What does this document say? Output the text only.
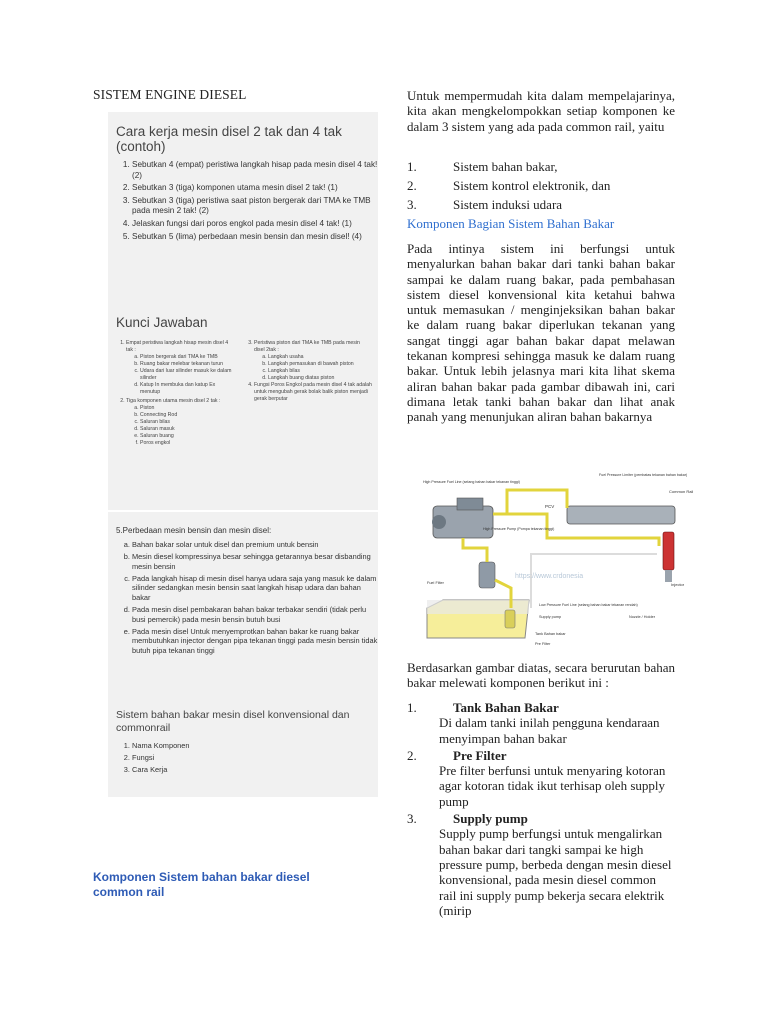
SISTEM ENGINE DIESEL
Cara kerja mesin disel 2 tak dan 4 tak (contoh)
1. Sebutkan 4 (empat) peristiwa langkah hisap pada mesin disel 4 tak! (2)
2. Sebutkan 3 (tiga) komponen utama mesin disel 2 tak! (1)
3. Sebutkan 3 (tiga) peristiwa saat piston bergerak dari TMA ke TMB pada mesin 2 tak! (2)
4. Jelaskan fungsi dari poros engkol pada mesin disel 4 tak! (1)
5. Sebutkan 5 (lima) perbedaan mesin bensin dan mesin disel! (4)
Kunci Jawaban
1. Empat peristiwa langkah hisap mesin disel 4 tak :
a. Piston bergerak dari TMA ke TMB
b. Ruang bakar melebar tekanan turun
c. Udara dari luar silinder masuk ke dalam silinder
d. Katup In membuka dan katup Ex menutup
2. Tiga komponen utama mesin disel 2 tak :
a. Piston
b. Connecting Rod
c. Saluran bilas
d. Saluran masuk
e. Saluran buang
f. Poros engkol
3. Peristiwa piston dari TMA ke TMB pada mesin disel 2tak :
a. Langkah usaha
b. Langkah pemasukan di bawah piston
c. Langkah bilas
d. Langkah buang diatas piston
4. Fungsi Poros Engkol pada mesin disel 4 tak adalah untuk mengubah gerak bolak balik piston menjadi gerak berputar
5.Perbedaan mesin bensin dan mesin disel:
a. Bahan bakar solar untuk disel dan premium untuk bensin
b. Mesin diesel kompressinya besar sehingga getarannya besar disbanding mesin bensin
c. Pada langkah hisap di mesin disel hanya udara saja yang masuk ke dalam silinder sedangkan mesin bensin saat langkah hisap udara dan bahan bakar
d. Pada mesin disel pembakaran bahan bakar terbakar sendiri (tidak perlu busi pemercik) pada mesin bensin butuh busi
e. Pada mesin disel Untuk menyemprotkan bahan bakar ke ruang bakar membutuhkan injector dengan pipa tekanan tinggi pada mesin bensin tidak butuh pipa tekanan tinggi
Sistem bahan bakar mesin disel konvensional dan commonrail
1. Nama Komponen
2. Fungsi
3. Cara Kerja
Komponen Sistem bahan bakar diesel common rail
Untuk mempermudah kita dalam mempelajarinya, kita akan mengkelompokkan setiap komponen ke dalam 3 sistem yang ada pada common rail, yaitu
1.	Sistem bahan bakar,
2.	Sistem kontrol elektronik, dan
3.	Sistem induksi udara
Komponen Bagian Sistem Bahan Bakar
Pada intinya sistem ini berfungsi untuk menyalurkan bahan bakar dari tanki bahan bakar sampai ke dalam ruang bakar, pada pembahasan sistem diesel konvensional kita ketahui bahwa untuk memasukan / menginjeksikan bahan bakar ke dalam ruang bakar diperlukan tekanan yang sangat tinggi agar bahan bakar dapat melawan tekanan kompresi sehingga masuk ke dalam ruang bakar. Untuk lebih jelasnya mari kita lihat skema aliran bahan bakar pada gambar dibawah ini, cari dimana letak tanki bahan bakar dan lihat anak panah yang menunjukan aliran bahan bakarnya
High Pressure Fuel Line (selang bahan bakar tekanan tinggi)
Fuel Pressure Limiter (pembatas tekanan bahan bakar)
Common Rail
PCV
High Pressure Pump (Pompa tekanan tinggi)
Fuel Filter
https://www.crdonesia
Injector
Low Pressure Fuel Line (selang bahan bakar tekanan rendah)
Supply pump	Nozzle / Holder
Tank Bahan bakar
Pre Filter
Berdasarkan gambar diatas, secara berurutan bahan bakar melewati komponen berikut ini :
1.	Tank Bahan Bakar
Di dalam tanki inilah pengguna kendaraan menyimpan bahan bakar
2.	Pre Filter
Pre filter berfunsi untuk menyaring kotoran agar kotoran tidak ikut terhisap oleh supply pump
3.	Supply pump
Supply pump berfungsi untuk mengalirkan bahan bakar dari tangki sampai ke high pressure pump, berbeda dengan mesin diesel konvensional, pada mesin diesel common rail ini supply pump bekerja secara elektrik (mirip
